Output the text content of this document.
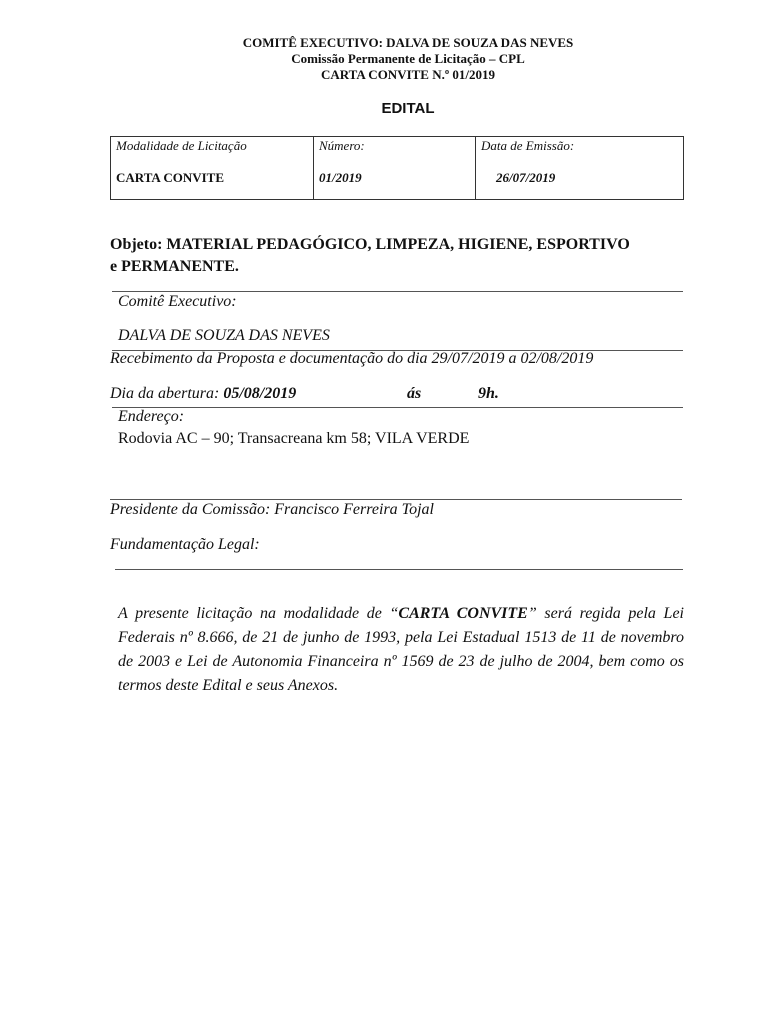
COMITÊ EXECUTIVO: DALVA DE SOUZA DAS NEVES
Comissão Permanente de Licitação – CPL
CARTA CONVITE N.º 01/2019
EDITAL
Modalidade de Licitação
CARTA CONVITE

Número:
01/2019

Data de Emissão:
26/07/2019
Objeto: MATERIAL PEDAGÓGICO, LIMPEZA, HIGIENE, ESPORTIVO
e PERMANENTE.
Comitê Executivo:
DALVA DE SOUZA DAS NEVES
Recebimento da Proposta e documentação do dia 29/07/2019 a 02/08/2019
Dia da abertura: 05/08/2019	ás	9h.
Endereço:
Rodovia AC – 90; Transacreana km 58; VILA VERDE
Presidente da Comissão: Francisco Ferreira Tojal
Fundamentação Legal:
A presente licitação na modalidade de “CARTA CONVITE” será regida pela Lei Federais nº 8.666, de 21 de junho de 1993, pela Lei Estadual 1513 de 11 de novembro de 2003 e Lei de Autonomia Financeira nº 1569 de 23 de julho de 2004, bem como os termos deste Edital e seus Anexos.
